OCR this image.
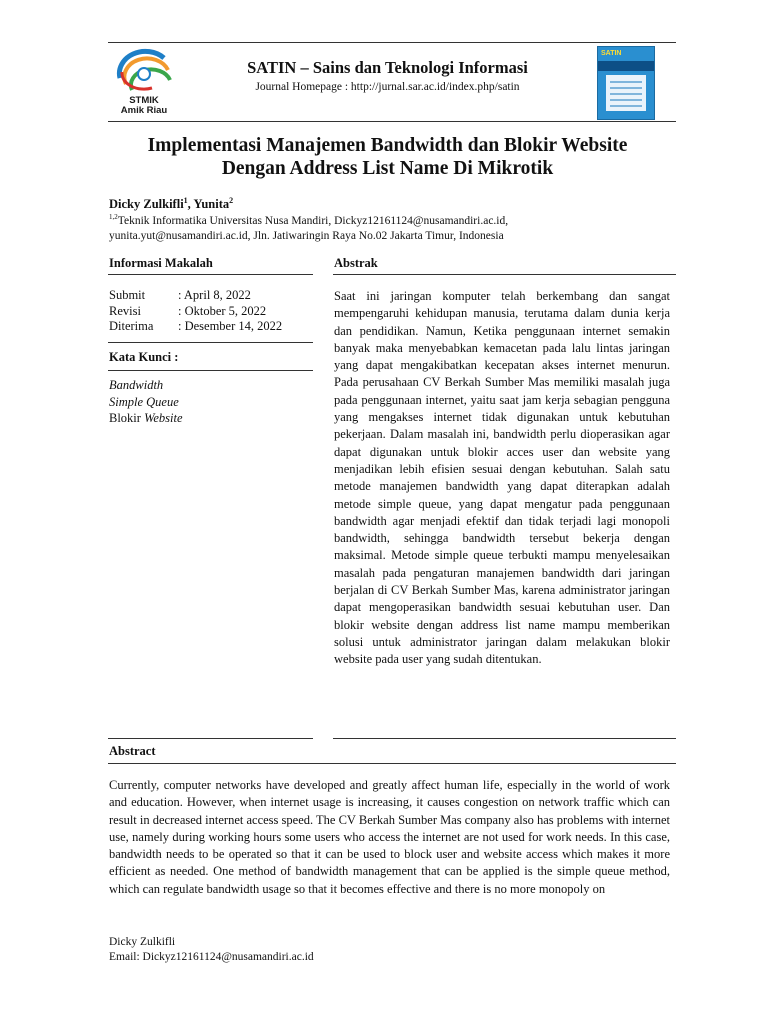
STMIK
Amik Riau
SATIN – Sains dan Teknologi Informasi
Journal Homepage : http://jurnal.sar.ac.id/index.php/satin
SATIN
Implementasi Manajemen Bandwidth dan Blokir Website
Dengan Address List Name Di Mikrotik
Dicky Zulkifli$^1$, Yunita$^2$
$^{1,2}$Teknik Informatika Universitas Nusa Mandiri, Dickyz12161124@nusamandiri.ac.id,
yunita.yut@nusamandiri.ac.id, Jln. Jatiwaringin Raya No.02 Jakarta Timur, Indonesia
Informasi Makalah
Submit	: April 8, 2022
Revisi	: Oktober 5, 2022
Diterima : Desember 14, 2022
Kata Kunci :
Bandwidth
Simple Queue
Blokir Website
Abstrak
Saat ini jaringan komputer telah berkembang dan sangat mempengaruhi kehidupan manusia, terutama dalam dunia kerja dan pendidikan. Namun, Ketika penggunaan internet semakin banyak maka menyebabkan kemacetan pada lalu lintas jaringan yang dapat mengakibatkan kecepatan akses internet menurun. Pada perusahaan CV Berkah Sumber Mas memiliki masalah juga pada penggunaan internet, yaitu saat jam kerja sebagian pengguna yang mengakses internet tidak digunakan untuk kebutuhan pekerjaan. Dalam masalah ini, bandwidth perlu dioperasikan agar dapat digunakan untuk blokir acces user dan website yang menjadikan lebih efisien sesuai dengan kebutuhan. Salah satu metode manajemen bandwidth yang dapat diterapkan adalah metode simple queue, yang dapat mengatur pada penggunaan bandwidth agar menjadi efektif dan tidak terjadi lagi monopoli bandwidth, sehingga bandwidth tersebut bekerja dengan maksimal. Metode simple queue terbukti mampu menyelesaikan masalah pada pengaturan manajemen bandwidth dari jaringan berjalan di CV Berkah Sumber Mas, karena administrator jaringan dapat mengoperasikan bandwidth sesuai kebutuhan user. Dan blokir website dengan address list name mampu memberikan solusi untuk administrator jaringan dalam melakukan blokir website pada user yang sudah ditentukan.
Abstract
Currently, computer networks have developed and greatly affect human life, especially in the world of work and education. However, when internet usage is increasing, it causes congestion on network traffic which can result in decreased internet access speed. The CV Berkah Sumber Mas company also has problems with internet use, namely during working hours some users who access the internet are not used for work needs. In this case, bandwidth needs to be operated so that it can be used to block user and website access which makes it more efficient as needed. One method of bandwidth management that can be applied is the simple queue method, which can regulate bandwidth usage so that it becomes effective and there is no more monopoly on
Dicky Zulkifli
Email: Dickyz12161124@nusamandiri.ac.id
